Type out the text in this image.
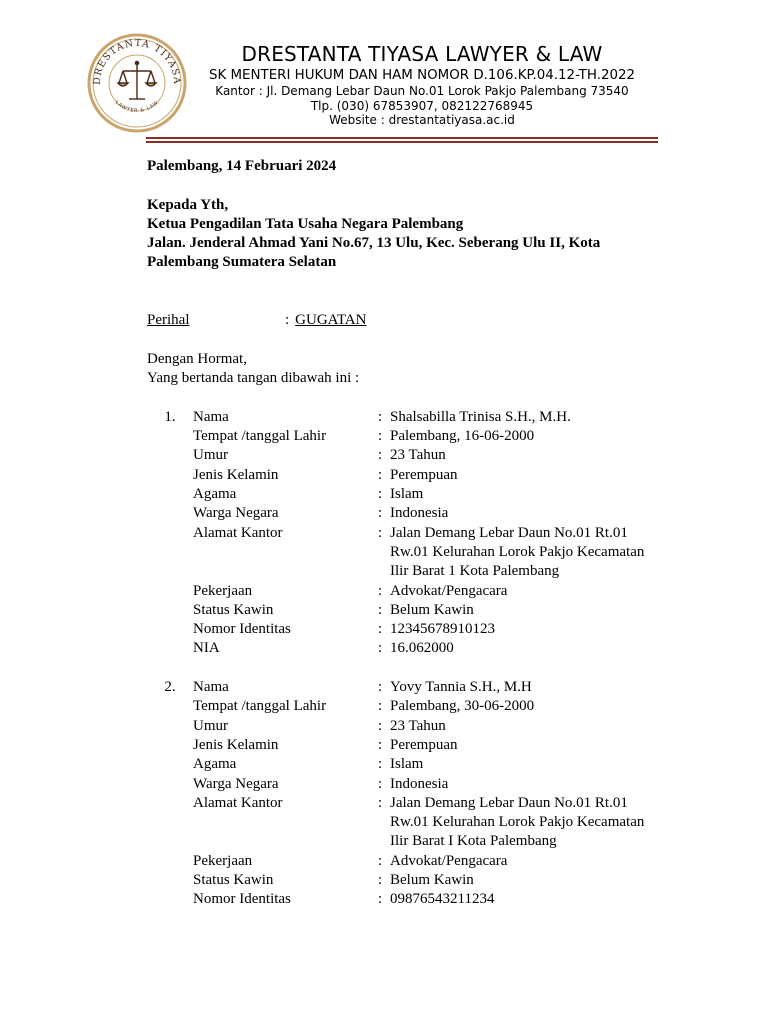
DRESTANTA TIYASA
LAWYER & LAW
DRESTANTA TIYASA LAWYER & LAW
SK MENTERI HUKUM DAN HAM NOMOR D.106.KP.04.12-TH.2022
Kantor : Jl. Demang Lebar Daun No.01 Lorok Pakjo Palembang 73540
Tlp. (030) 67853907, 082122768945
Website : drestantatiyasa.ac.id
Palembang, 14 Februari 2024
Kepada Yth,
Ketua Pengadilan Tata Usaha Negara Palembang
Jalan. Jenderal Ahmad Yani No.67, 13 Ulu, Kec. Seberang Ulu II, Kota
Palembang Sumatera Selatan
Perihal	: GUGATAN
Dengan Hormat,
Yang bertanda tangan dibawah ini :
1.	Nama	: Shalsabilla Trinisa S.H., M.H.
Tempat /tanggal Lahir	: Palembang, 16-06-2000
Umur	: 23 Tahun
Jenis Kelamin	: Perempuan
Agama	: Islam
Warga Negara	: Indonesia
Alamat Kantor	: Jalan Demang Lebar Daun No.01 Rt.01 Rw.01 Kelurahan Lorok Pakjo Kecamatan Ilir Barat 1 Kota Palembang
Pekerjaan	: Advokat/Pengacara
Status Kawin	: Belum Kawin
Nomor Identitas	: 12345678910123
NIA	: 16.062000
2.	Nama	: Yovy Tannia S.H., M.H
Tempat /tanggal Lahir	: Palembang, 30-06-2000
Umur	: 23 Tahun
Jenis Kelamin	: Perempuan
Agama	: Islam
Warga Negara	: Indonesia
Alamat Kantor	: Jalan Demang Lebar Daun No.01 Rt.01 Rw.01 Kelurahan Lorok Pakjo Kecamatan Ilir Barat I Kota Palembang
Pekerjaan	: Advokat/Pengacara
Status Kawin	: Belum Kawin
Nomor Identitas	: 09876543211234
